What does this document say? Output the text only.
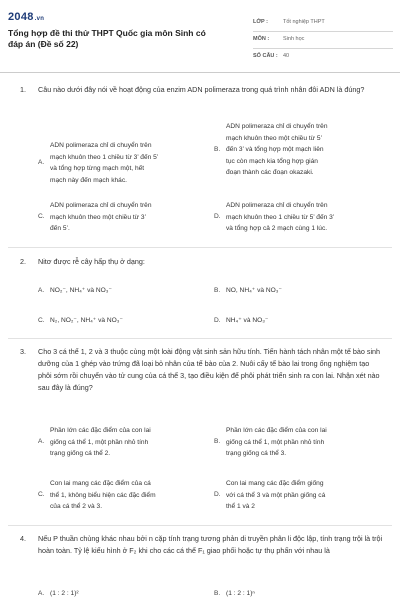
2048.vn
Tổng hợp đề thi thử THPT Quốc gia môn Sinh có đáp án (Đề số 22)
LỚP :	Tốt nghiệp THPT
MÔN :	Sinh học
SỐ CÂU : 40
1. Câu nào dưới đây nói về hoạt động của enzim ADN polimeraza trong quá trình nhân đôi ADN là đúng?
A.
ADN polimeraza chỉ di chuyển trên
mạch khuôn theo 1 chiều từ 3’ đến 5’
và tổng hợp từng mạch một, hết
mạch này đến mạch khác.
B.
ADN polimeraza chỉ di chuyển trên
mạch khuôn theo một chiều từ 5’
đến 3’ và tổng hợp một mạch liên
tục còn mạch kia tổng hợp gián
đoạn thành các đoạn okazaki.
C.
ADN polimeraza chỉ di chuyển trên
mạch khuôn theo một chiều từ 3’
đến 5’.
D.
ADN polimeraza chỉ di chuyển trên
mạch khuôn theo 1 chiều từ 5’ đến 3’
và tổng hợp cả 2 mạch cùng 1 lúc.
2. Nitơ được rễ cây hấp thụ ở dạng:
A. NO₂⁻, NH₄⁺ và NO₃⁻	B. NO, NH₄⁺ và NO₃⁻
C. N₂, NO₂⁻, NH₄⁺ và NO₃⁻	D. NH₄⁺ và NO₃⁻
3. Cho 3 cá thể 1, 2 và 3 thuộc cùng một loài động vật sinh sản hữu tính. Tiến hành tách nhân một tế bào sinh dưỡng của 1 ghép vào trứng đã loại bỏ nhân của tế bào của 2. Nuôi cấy tế bào lai trong ống nghiệm tạo phôi sớm rồi chuyển vào tử cung của cá thể 3, tạo điều kiện để phôi phát triển sinh ra con lai. Nhận xét nào sau đây là đúng?
A.
Phần lớn các đặc điểm của con lai
giống cá thể 1, một phần nhỏ tính
trạng giống cá thể 2.
B.
Phần lớn các đặc điểm của con lai
giống cá thể 1, một phần nhỏ tính
trạng giống cá thể 3.
C.
Con lai mang các đặc điểm của cá
thể 1, không biểu hiện các đặc điểm
của cá thể 2 và 3.
D.
Con lai mang các đặc điểm giống
với cá thể 3 và một phần giống cá
thể 1 và 2
4. Nếu P thuần chủng khác nhau bởi n cặp tính trạng tương phản di truyền phân li độc lập, tính trạng trội là trội hoàn toàn. Tỷ lệ kiểu hình ở F₂ khi cho các cá thể F₁ giao phối hoặc tự thụ phấn với nhau là
A. (1 : 2 : 1)²	B. (1 : 2 : 1)ⁿ
